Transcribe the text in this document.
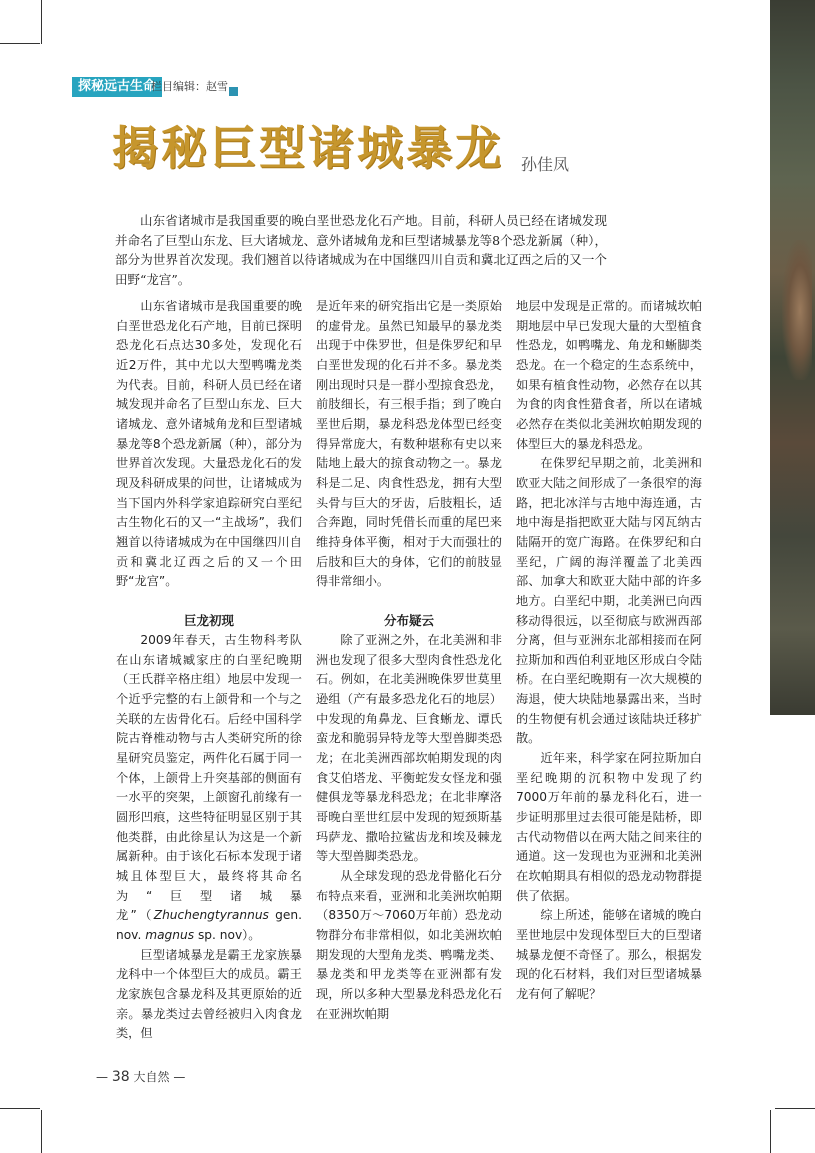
探秘远古生命
栏目编辑：赵雪
揭秘巨型诸城暴龙 孙佳凤

山东省诸城市是我国重要的晚白垩世恐龙化石产地。目前，科研人员已经在诸城发现并命名了巨型山东龙、巨大诸城龙、意外诸城角龙和巨型诸城暴龙等8个恐龙新属（种），部分为世界首次发现。我们翘首以待诸城成为在中国继四川自贡和冀北辽西之后的又一个田野“龙宫”。

山东省诸城市是我国重要的晚白垩世恐龙化石产地，目前已探明恐龙化石点达30多处，发现化石近2万件，其中尤以大型鸭嘴龙类为代表。目前，科研人员已经在诸城发现并命名了巨型山东龙、巨大诸城龙、意外诸城角龙和巨型诸城暴龙等8个恐龙新属（种），部分为世界首次发现。大量恐龙化石的发现及科研成果的问世，让诸城成为当下国内外科学家追踪研究白垩纪古生物化石的又一“主战场”，我们翘首以待诸城成为在中国继四川自贡和冀北辽西之后的又一个田野“龙宫”。

巨龙初现

2009年春天，古生物科考队在山东诸城臧家庄的白垩纪晚期（王氏群辛格庄组）地层中发现一个近乎完整的右上颌骨和一个与之关联的左齿骨化石。后经中国科学院古脊椎动物与古人类研究所的徐星研究员鉴定，两件化石属于同一个体，上颌骨上升突基部的侧面有一水平的突架，上颌窗孔前缘有一圆形凹痕，这些特征明显区别于其他类群，由此徐星认为这是一个新属新种。由于该化石标本发现于诸城且体型巨大，最终将其命名为“巨型诸城暴龙”（Zhuchengtyrannus gen. nov. magnus sp. nov）。

巨型诸城暴龙是霸王龙家族暴龙科中一个体型巨大的成员。霸王龙家族包含暴龙科及其更原始的近亲。暴龙类过去曾经被归入肉食龙类，但

是近年来的研究指出它是一类原始的虚骨龙。虽然已知最早的暴龙类出现于中侏罗世，但是侏罗纪和早白垩世发现的化石并不多。暴龙类刚出现时只是一群小型掠食恐龙，前肢细长，有三根手指；到了晚白垩世后期，暴龙科恐龙体型已经变得异常庞大，有数种堪称有史以来陆地上最大的掠食动物之一。暴龙科是二足、肉食性恐龙，拥有大型头骨与巨大的牙齿，后肢粗长，适合奔跑，同时凭借长而重的尾巴来维持身体平衡，相对于大而强壮的后肢和巨大的身体，它们的前肢显得非常细小。

分布疑云

除了亚洲之外，在北美洲和非洲也发现了很多大型肉食性恐龙化石。例如，在北美洲晚侏罗世莫里逊组（产有最多恐龙化石的地层）中发现的角鼻龙、巨食蜥龙、谭氏蛮龙和脆弱异特龙等大型兽脚类恐龙；在北美洲西部坎帕期发现的肉食艾伯塔龙、平衡蛇发女怪龙和强健俱龙等暴龙科恐龙；在北非摩洛哥晚白垩世红层中发现的短颈斯基玛萨龙、撒哈拉鲨齿龙和埃及棘龙等大型兽脚类恐龙。

从全球发现的恐龙骨骼化石分布特点来看，亚洲和北美洲坎帕期（8350万～7060万年前）恐龙动物群分布非常相似，如北美洲坎帕期发现的大型角龙类、鸭嘴龙类、暴龙类和甲龙类等在亚洲都有发现，所以多种大型暴龙科恐龙化石在亚洲坎帕期

地层中发现是正常的。而诸城坎帕期地层中早已发现大量的大型植食性恐龙，如鸭嘴龙、角龙和蜥脚类恐龙。在一个稳定的生态系统中，如果有植食性动物，必然存在以其为食的肉食性猎食者，所以在诸城必然存在类似北美洲坎帕期发现的体型巨大的暴龙科恐龙。

在侏罗纪早期之前，北美洲和欧亚大陆之间形成了一条很窄的海路，把北冰洋与古地中海连通，古地中海是指把欧亚大陆与冈瓦纳古陆隔开的宽广海路。在侏罗纪和白垩纪，广阔的海洋覆盖了北美西部、加拿大和欧亚大陆中部的许多地方。白垩纪中期，北美洲已向西移动得很远，以至彻底与欧洲西部分离，但与亚洲东北部相接而在阿拉斯加和西伯利亚地区形成白令陆桥。在白垩纪晚期有一次大规模的海退，使大块陆地暴露出来，当时的生物便有机会通过该陆块迁移扩散。

近年来，科学家在阿拉斯加白垩纪晚期的沉积物中发现了约7000万年前的暴龙科化石，进一步证明那里过去很可能是陆桥，即古代动物借以在两大陆之间来往的通道。这一发现也为亚洲和北美洲在坎帕期具有相似的恐龙动物群提供了依据。

综上所述，能够在诸城的晚白垩世地层中发现体型巨大的巨型诸城暴龙便不奇怪了。那么，根据发现的化石材料，我们对巨型诸城暴龙有何了解呢？

— 38 大自然 —
